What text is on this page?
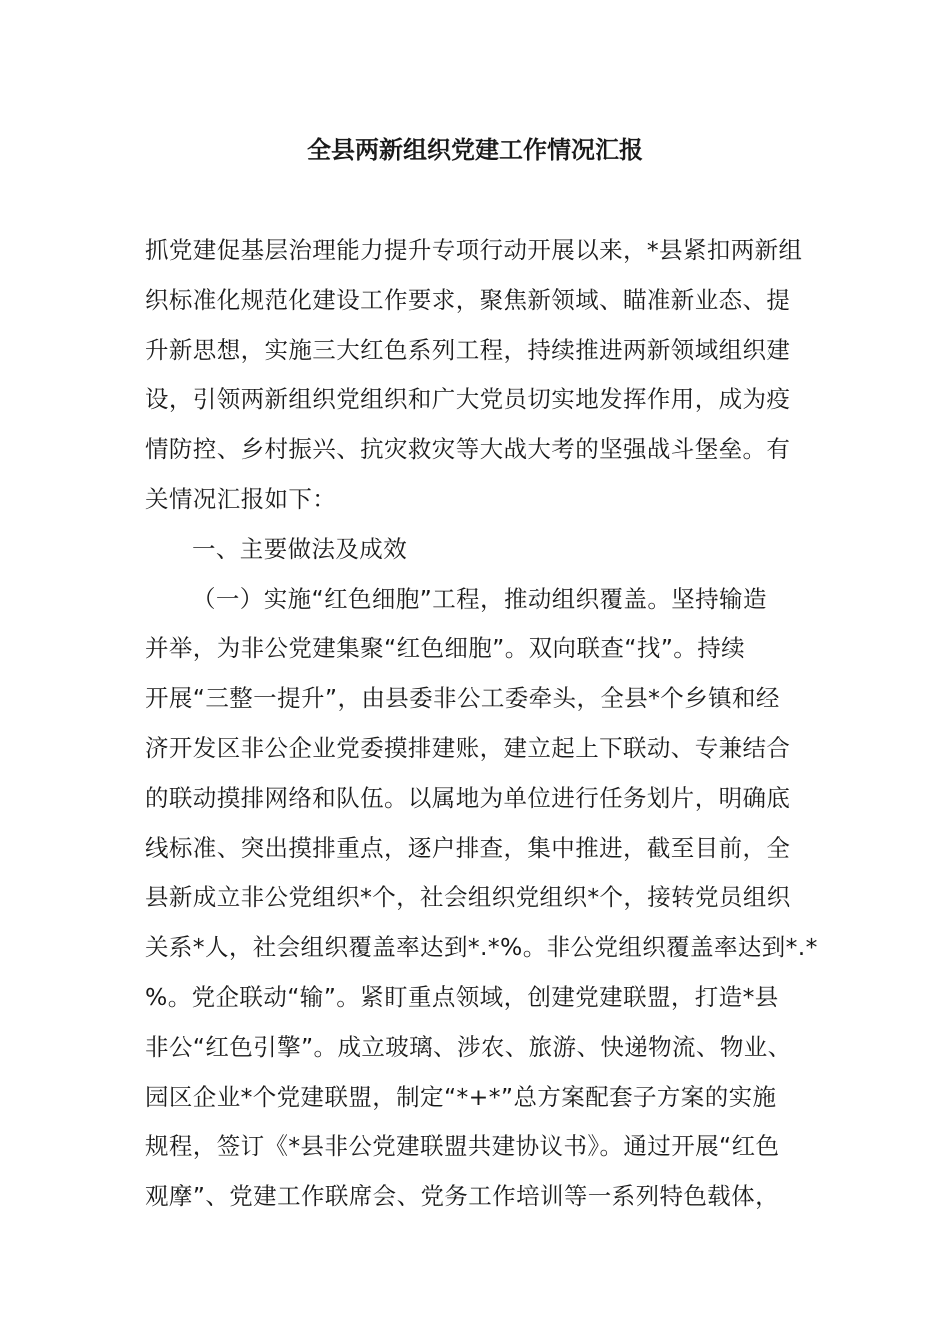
全县两新组织党建工作情况汇报
抓党建促基层治理能力提升专项行动开展以来，*县紧扣两新组
织标准化规范化建设工作要求，聚焦新领域、瞄准新业态、提
升新思想，实施三大红色系列工程，持续推进两新领域组织建
设，引领两新组织党组织和广大党员切实地发挥作用，成为疫
情防控、乡村振兴、抗灾救灾等大战大考的坚强战斗堡垒。有
关情况汇报如下：
一、主要做法及成效
（一）实施“红色细胞”工程，推动组织覆盖。坚持输造
并举，为非公党建集聚“红色细胞”。双向联查“找”。持续
开展“三整一提升”，由县委非公工委牵头，全县*个乡镇和经
济开发区非公企业党委摸排建账，建立起上下联动、专兼结合
的联动摸排网络和队伍。以属地为单位进行任务划片，明确底
线标准、突出摸排重点，逐户排查，集中推进，截至目前，全
县新成立非公党组织*个，社会组织党组织*个，接转党员组织
关系*人，社会组织覆盖率达到*.*%。非公党组织覆盖率达到*.*
%。党企联动“输”。紧盯重点领域，创建党建联盟，打造*县
非公“红色引擎”。成立玻璃、涉农、旅游、快递物流、物业、
园区企业*个党建联盟，制定“*+*”总方案配套子方案的实施
规程，签订《*县非公党建联盟共建协议书》。通过开展“红色
观摩”、党建工作联席会、党务工作培训等一系列特色载体，
